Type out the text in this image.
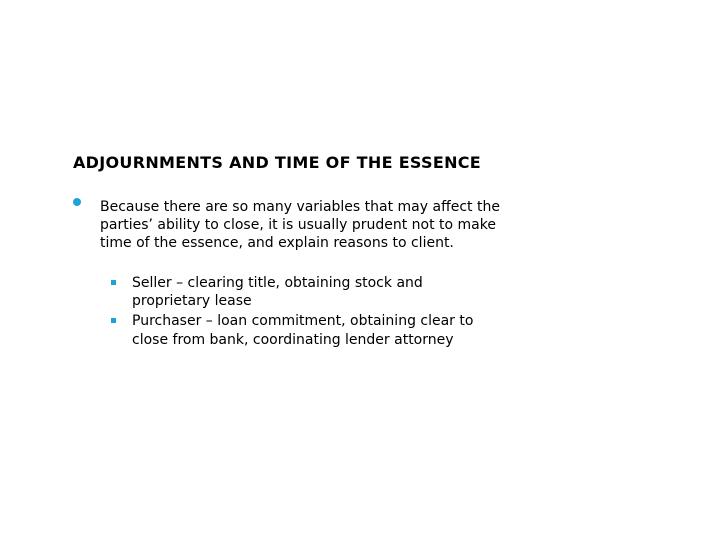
ADJOURNMENTS AND TIME OF THE ESSENCE
Because there are so many variables that may affect the parties’ ability to close, it is usually prudent not to make time of the essence, and explain reasons to client.
Seller – clearing title, obtaining stock and proprietary lease
Purchaser – loan commitment, obtaining clear to close from bank, coordinating lender attorney
